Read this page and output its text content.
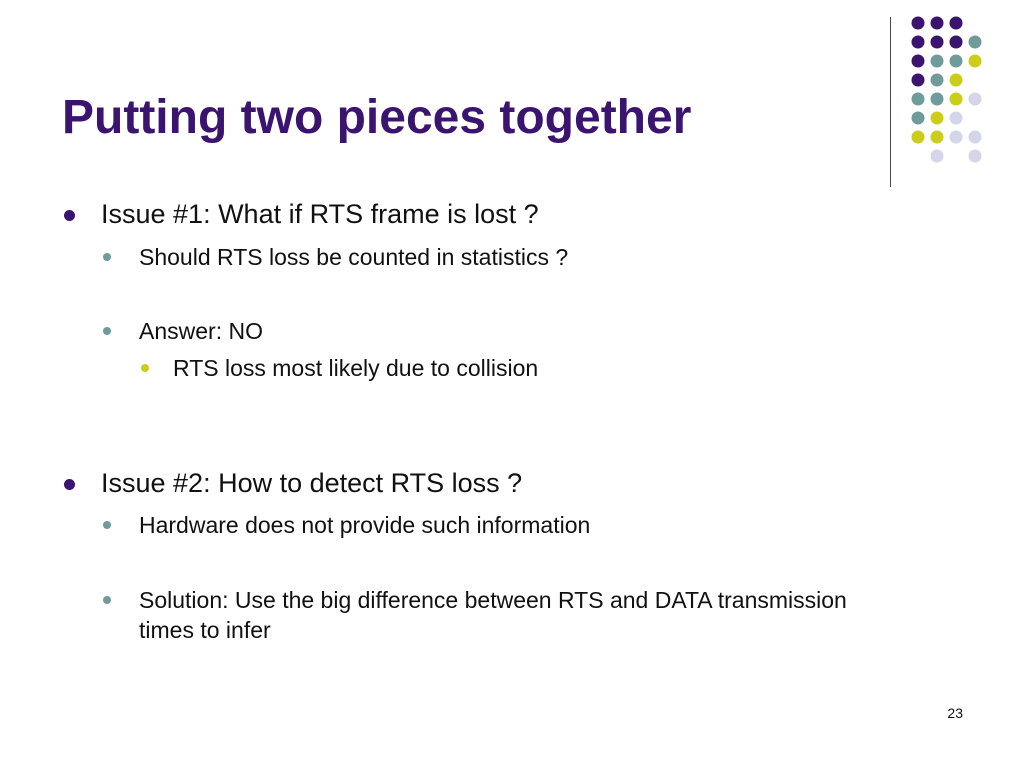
Putting two pieces together
Issue #1: What if RTS frame is lost ?
Should RTS loss be counted in statistics ?
Answer: NO
RTS loss most likely due to collision
Issue #2: How to detect RTS loss ?
Hardware does not provide such information
Solution: Use the big difference between RTS and DATA transmission times to infer
23
